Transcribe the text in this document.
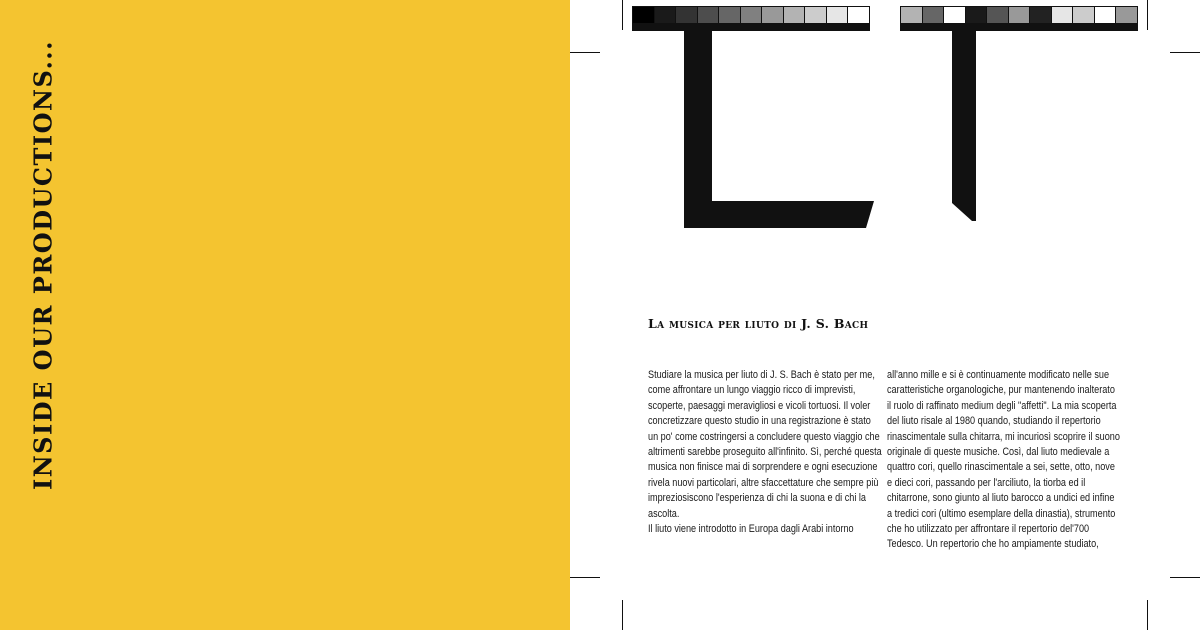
INSIDE OUR PRODUCTIONS...	La musica per liuto di J. S. Bach

Studiare la musica per liuto di J. S. Bach è stato per me, come affrontare un lungo viaggio ricco di imprevisti, scoperte, paesaggi meravigliosi e vicoli tortuosi. Il voler concretizzare questo studio in una registrazione è stato un po' come costringersi a concludere questo viaggio che altrimenti sarebbe proseguito all'infinito. Sì, perché questa musica non finisce mai di sorprendere e ogni esecuzione rivela nuovi particolari, altre sfaccettature che sempre più impreziosiscono l'esperienza di chi la suona e di chi la ascolta.

Il liuto viene introdotto in Europa dagli Arabi intorno

all'anno mille e si è continuamente modificato nelle sue caratteristiche organologiche, pur mantenendo inalterato il ruolo di raffinato medium degli "affetti". La mia scoperta del liuto risale al 1980 quando, studiando il repertorio rinascimentale sulla chitarra, mi incuriosì scoprire il suono originale di queste musiche. Così, dal liuto medievale a quattro cori, quello rinascimentale a sei, sette, otto, nove e dieci cori, passando per l'arciliuto, la tiorba ed il chitarrone, sono giunto al liuto barocco a undici ed infine a tredici cori (ultimo esemplare della dinastia), strumento che ho utilizzato per affrontare il repertorio del'700 Tedesco. Un repertorio che ho ampiamente studiato,
